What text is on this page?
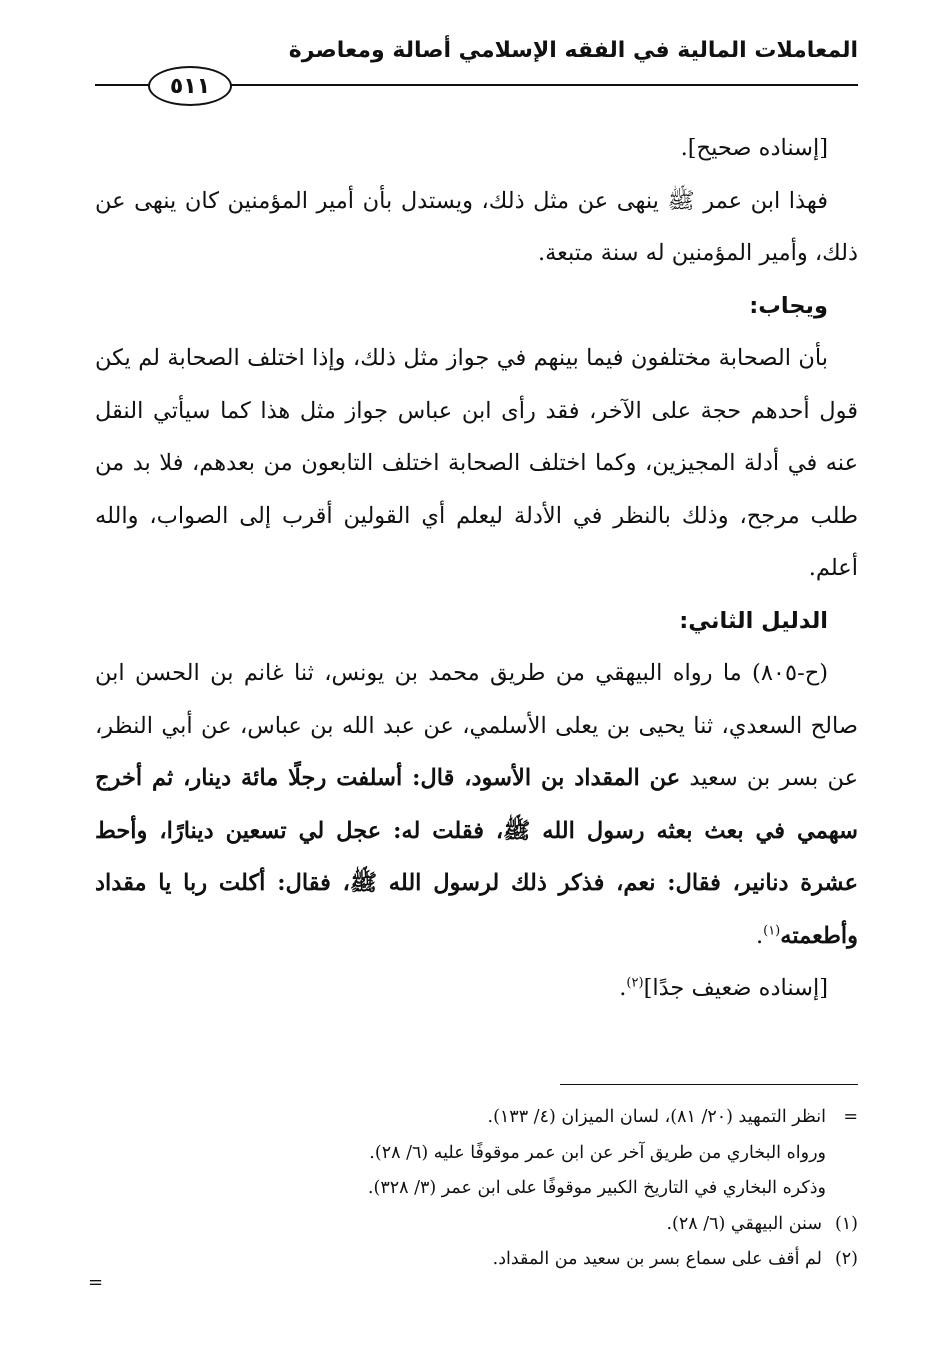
المعاملات المالية في الفقه الإسلامي أصالة ومعاصرة
٥١١

[إسناده صحيح].

فهذا ابن عمر ﷺ ينهى عن مثل ذلك، ويستدل بأن أمير المؤمنين كان ينهى عن ذلك، وأمير المؤمنين له سنة متبعة.

ويجاب:

بأن الصحابة مختلفون فيما بينهم في جواز مثل ذلك، وإذا اختلف الصحابة لم يكن قول أحدهم حجة على الآخر، فقد رأى ابن عباس جواز مثل هذا كما سيأتي النقل عنه في أدلة المجيزين، وكما اختلف الصحابة اختلف التابعون من بعدهم، فلا بد من طلب مرجح، وذلك بالنظر في الأدلة ليعلم أي القولين أقرب إلى الصواب، والله أعلم.

الدليل الثاني:

(ح-٨٠٥) ما رواه البيهقي من طريق محمد بن يونس، ثنا غانم بن الحسن ابن صالح السعدي، ثنا يحيى بن يعلى الأسلمي، عن عبد الله بن عباس، عن أبي النظر، عن بسر بن سعيد عن المقداد بن الأسود، قال: أسلفت رجلًا مائة دينار، ثم أخرج سهمي في بعث بعثه رسول الله ﷺ، فقلت له: عجل لي تسعين دينارًا، وأحط عشرة دنانير، فقال: نعم، فذكر ذلك لرسول الله ﷺ، فقال: أكلت ربا يا مقداد وأطعمته$^{(١)}$.

[إسناده ضعيف جدًا]$^{(٢)}$.

=انظر التمهيد (٢٠/ ٨١)، لسان الميزان (٤/ ١٣٣).

ورواه البخاري من طريق آخر عن ابن عمر موقوفًا عليه (٦/ ٢٨).

وذكره البخاري في التاريخ الكبير موقوفًا على ابن عمر (٣/ ٣٢٨).

(١)سنن البيهقي (٦/ ٢٨).

(٢)لم أقف على سماع بسر بن سعيد من المقداد.

=
